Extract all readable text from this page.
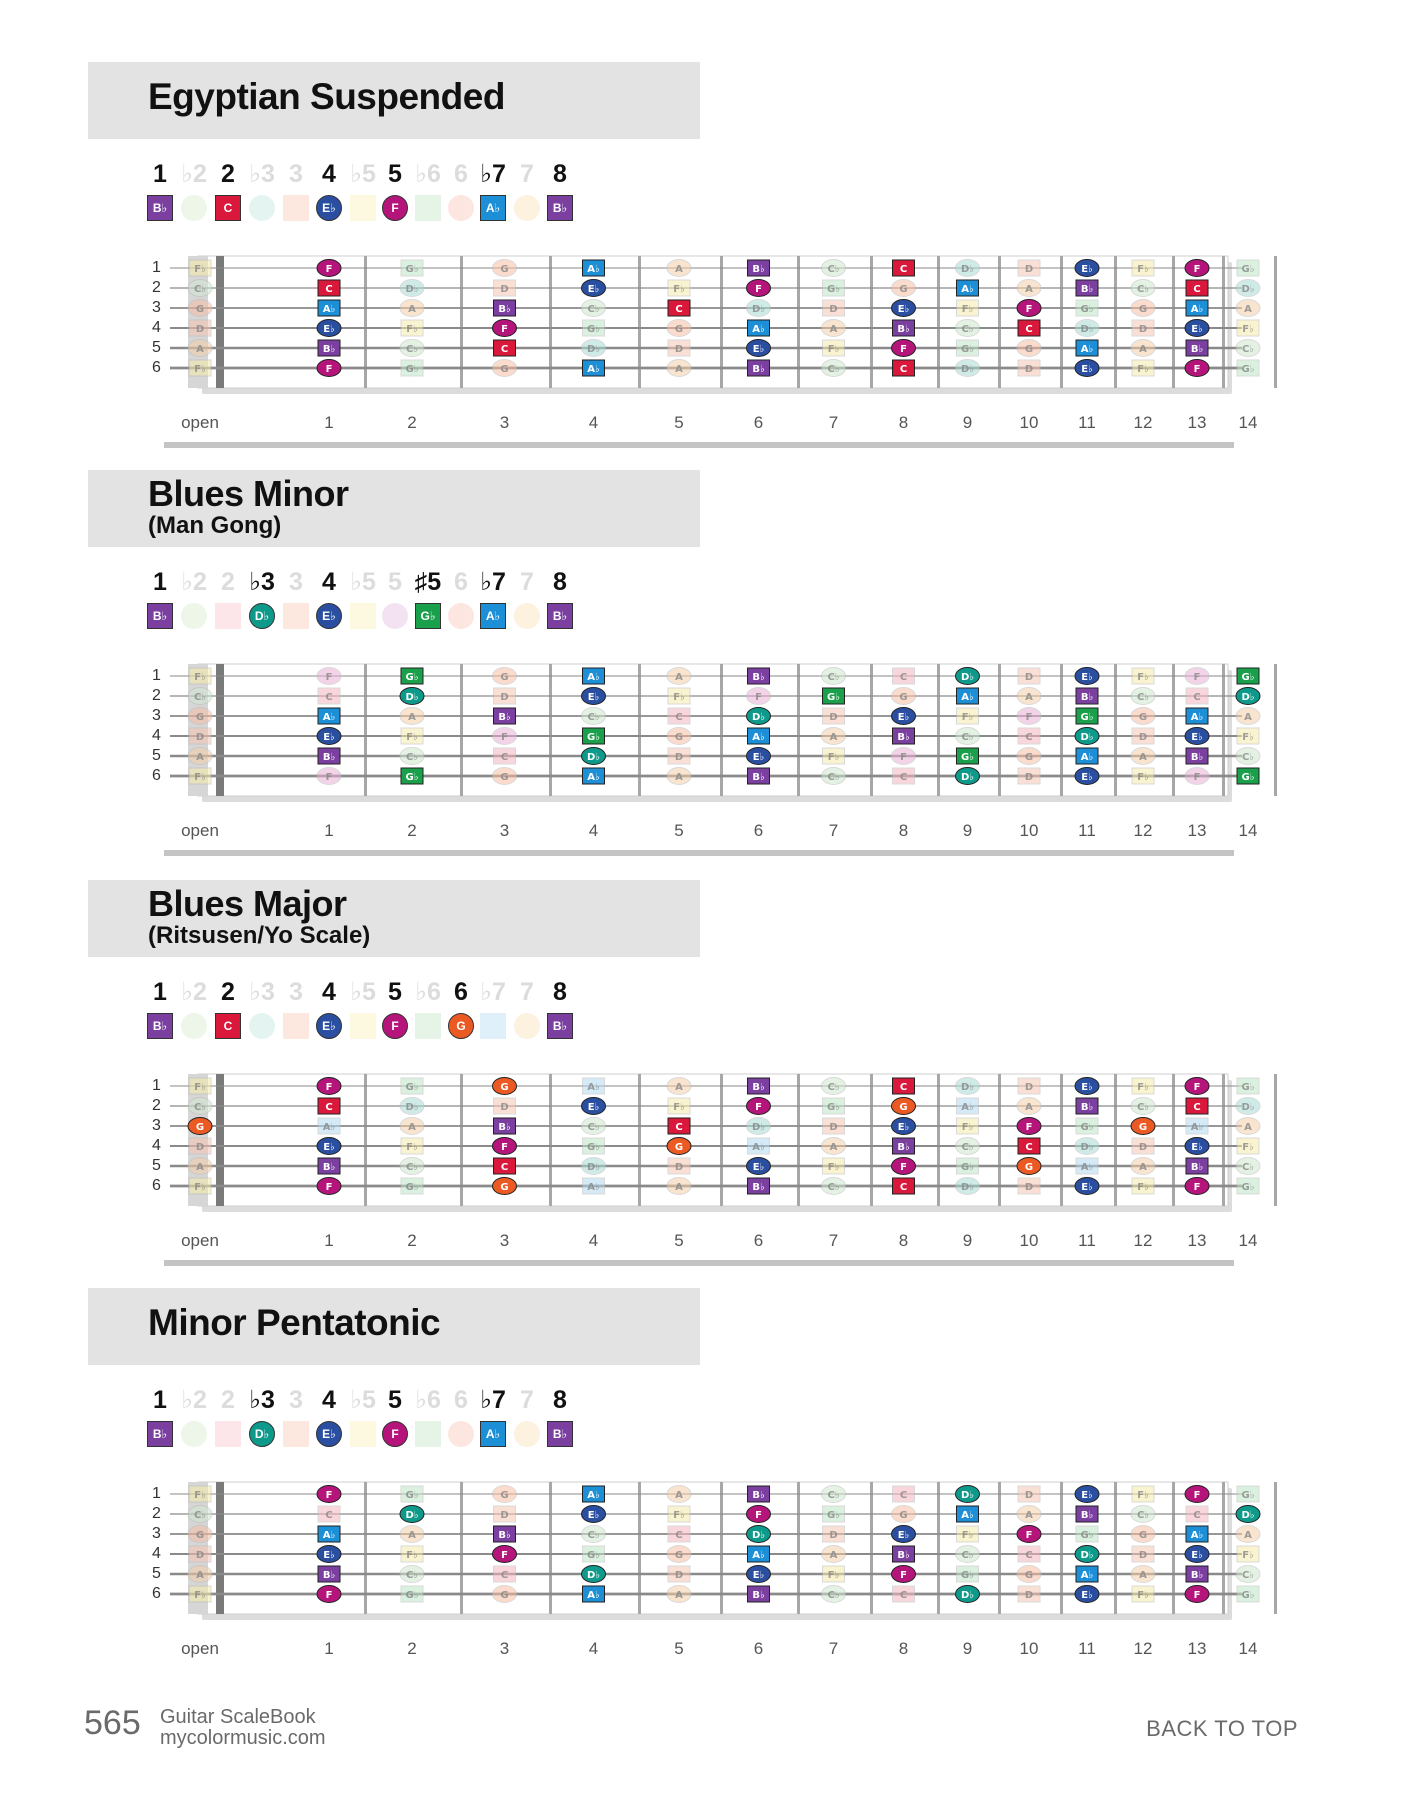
Egyptian Suspended
1 ♭2 2 ♭3 3 4 ♭5 5 ♭6 6 ♭7 7 8
B♭	C	E♭	F	A♭	B♭
F♭	F	G♭	G	A♭	A	B♭	C♭	C	D♭	D	E♭	F♭	F	G♭
C♭	C	D♭	D	E♭	F♭	F	G♭	G	A♭	A	B♭	C♭	C	D♭
G	A♭	A	B♭	C♭	C	D♭	D	E♭	F♭	F	G♭	G	A♭	A
D	E♭	F♭	F	G♭	G	A♭	A	B♭	C♭	C	D♭	D	E♭	F♭
A	B♭	C♭	C	D♭	D	E♭	F♭	F	G♭	G	A♭	A	B♭	C♭
F♭	F	G♭	G	A♭	A	B♭	C♭	C	D♭	D	E♭	F♭	F	G♭
1
2
3
4
5
6
open	1	2	3	4	5	6	7	8	9	10 11 12 13 14
Blues Minor
(Man Gong)
1 ♭2 2 ♭3 3 4 ♭5 5 ♯5 6 ♭7 7 8
B♭	D♭	E♭	G♭	A♭	B♭
F♭	F	G♭	G	A♭	A	B♭	C♭	C	D♭	D	E♭	F♭	F	G♭
C♭	C	D♭	D	E♭	F♭	F	G♭	G	A♭	A	B♭	C♭	C	D♭
G	A♭	A	B♭	C♭	C	D♭	D	E♭	F♭	F	G♭	G	A♭	A
D	E♭	F♭	F	G♭	G	A♭	A	B♭	C♭	C	D♭	D	E♭	F♭
A	B♭	C♭	C	D♭	D	E♭	F♭	F	G♭	G	A♭	A	B♭	C♭
F♭	F	G♭	G	A♭	A	B♭	C♭	C	D♭	D	E♭	F♭	F	G♭
1
2
3
4
5
6
open	1	2	3	4	5	6	7	8	9	10 11 12 13 14
Blues Major
(Ritsusen/Yo Scale)
1 ♭2 2 ♭3 3 4 ♭5 5 ♭6 6 ♭7 7 8
B♭	C	E♭	F	G	B♭
F♭	F	G♭	G	A♭	A	B♭	C♭	C	D♭	D	E♭	F♭	F	G♭
C♭	C	D♭	D	E♭	F♭	F	G♭	G	A♭	A	B♭	C♭	C	D♭
G	A♭	A	B♭	C♭	C	D♭	D	E♭	F♭	F	G♭	G	A♭	A
D	E♭	F♭	F	G♭	G	A♭	A	B♭	C♭	C	D♭	D	E♭	F♭
A	B♭	C♭	C	D♭	D	E♭	F♭	F	G♭	G	A♭	A	B♭	C♭
F♭	F	G♭	G	A♭	A	B♭	C♭	C	D♭	D	E♭	F♭	F	G♭
1
2
3
4
5
6
open	1	2	3	4	5	6	7	8	9	10 11 12 13 14
Minor Pentatonic
1 ♭2 2 ♭3 3 4 ♭5 5 ♭6 6 ♭7 7 8
B♭	D♭	E♭	F	A♭	B♭
F♭	F	G♭	G	A♭	A	B♭	C♭	C	D♭	D	E♭	F♭	F	G♭
C♭	C	D♭	D	E♭	F♭	F	G♭	G	A♭	A	B♭	C♭	C	D♭
G	A♭	A	B♭	C♭	C	D♭	D	E♭	F♭	F	G♭	G	A♭	A
D	E♭	F♭	F	G♭	G	A♭	A	B♭	C♭	C	D♭	D	E♭	F♭
A	B♭	C♭	C	D♭	D	E♭	F♭	F	G♭	G	A♭	A	B♭	C♭
F♭	F	G♭	G	A♭	A	B♭	C♭	C	D♭	D	E♭	F♭	F	G♭
1
2
3
4
5
6
open	1	2	3	4	5	6	7	8	9	10 11 12 13 14
565 Guitar ScaleBook
mycolormusic.com	BACK TO TOP
